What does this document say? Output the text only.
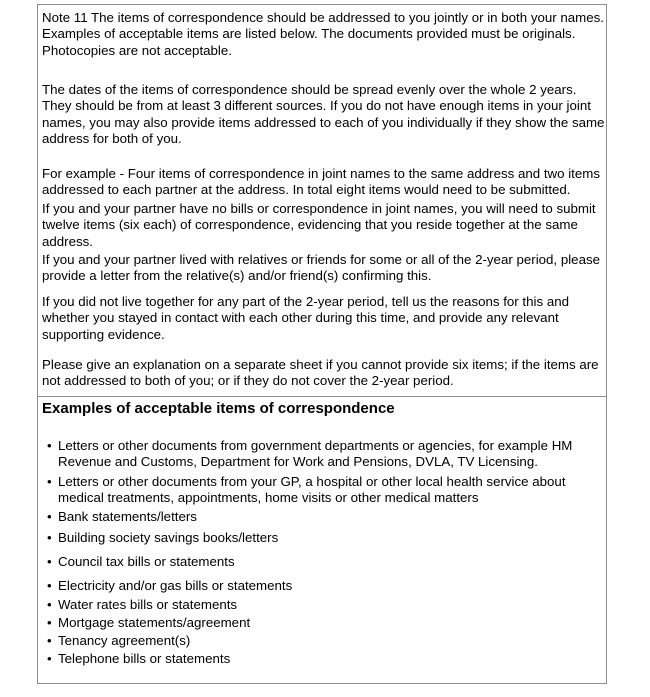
Note 11 The items of correspondence should be addressed to you jointly or in both your names. Examples of acceptable items are listed below. The documents provided must be originals.

Photocopies are not acceptable.

The dates of the items of correspondence should be spread evenly over the whole 2 years. They should be from at least 3 different sources. If you do not have enough items in your joint names, you may also provide items addressed to each of you individually if they show the same address for both of you.

For example - Four items of correspondence in joint names to the same address and two items addressed to each partner at the address. In total eight items would need to be submitted.

If you and your partner have no bills or correspondence in joint names, you will need to submit twelve items (six each) of correspondence, evidencing that you reside together at the same address.

If you and your partner lived with relatives or friends for some or all of the 2-year period, please provide a letter from the relative(s) and/or friend(s) confirming this.

If you did not live together for any part of the 2-year period, tell us the reasons for this and whether you stayed in contact with each other during this time, and provide any relevant supporting evidence.

Please give an explanation on a separate sheet if you cannot provide six items; if the items are not addressed to both of you; or if they do not cover the 2-year period.

Examples of acceptable items of correspondence
• Letters or other documents from government departments or agencies, for example HM Revenue and Customs, Department for Work and Pensions, DVLA, TV Licensing.
• Letters or other documents from your GP, a hospital or other local health service about medical treatments, appointments, home visits or other medical matters
• Bank statements/letters
• Building society savings books/letters
• Council tax bills or statements
• Electricity and/or gas bills or statements
• Water rates bills or statements
• Mortgage statements/agreement
• Tenancy agreement(s)
• Telephone bills or statements
